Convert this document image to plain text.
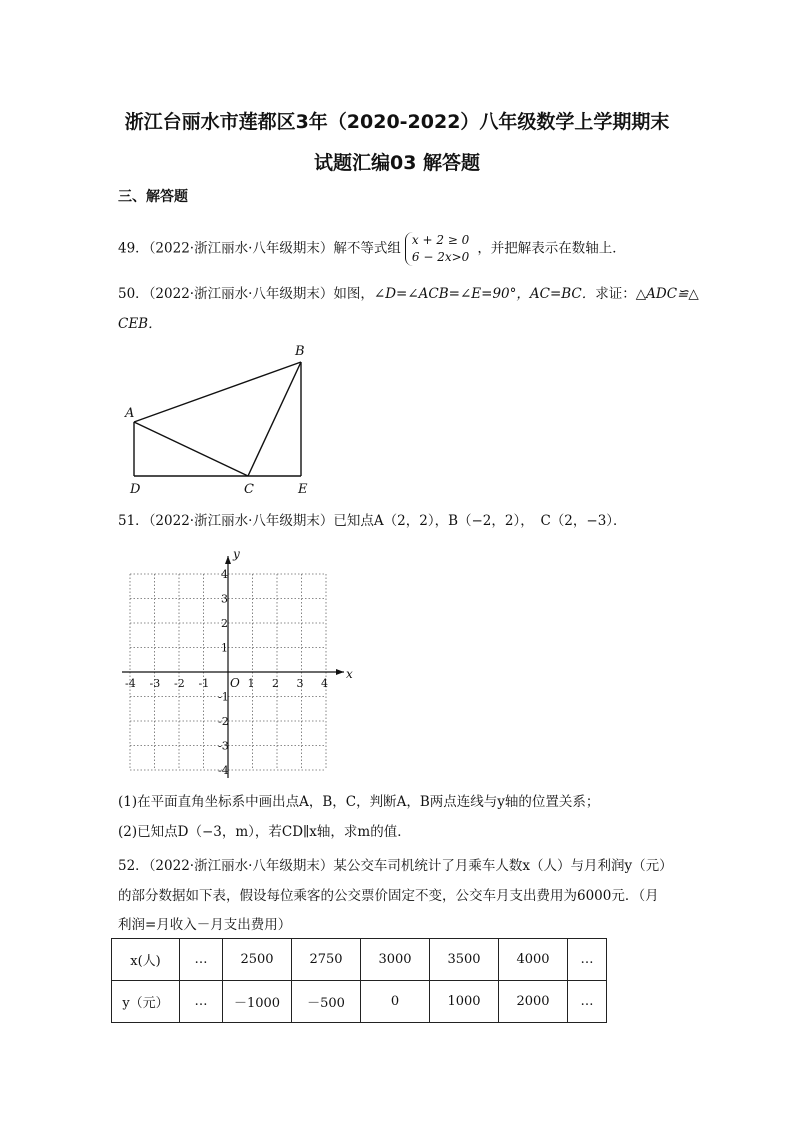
浙江台丽水市莲都区3年（2020-2022）八年级数学上学期期末
试题汇编03 解答题
三、解答题
49．（2022·浙江丽水·八年级期末）解不等式组
x + 2 ≥ 0
6 − 2x>0
，并把解表示在数轴上．
50．（2022·浙江丽水·八年级期末）如图，∠D=∠ACB=∠E=90°，AC=BC．求证：△ADC≌△
CEB．
A
B
C
D	E
51．（2022·浙江丽水·八年级期末）已知点A（2，2），B（−2，2），　C（2，−3）．
-4 -3 -2 -1	1 2 3 4
4
3
2
1
-1
-2
-3
-4
O
x
y
(1)在平面直角坐标系中画出点A，B，C，判断A，B两点连线与y轴的位置关系；
(2)已知点D（−3，m），若CD∥x轴，求m的值．
52．（2022·浙江丽水·八年级期末）某公交车司机统计了月乘车人数x（人）与月利润y（元）
的部分数据如下表，假设每位乘客的公交票价固定不变，公交车月支出费用为6000元．（月
利润=月收入－月支出费用）
x(人)	…	2500	2750	3000	3500	4000	…
y（元）	…	－1000	－500	0	1000	2000	…
